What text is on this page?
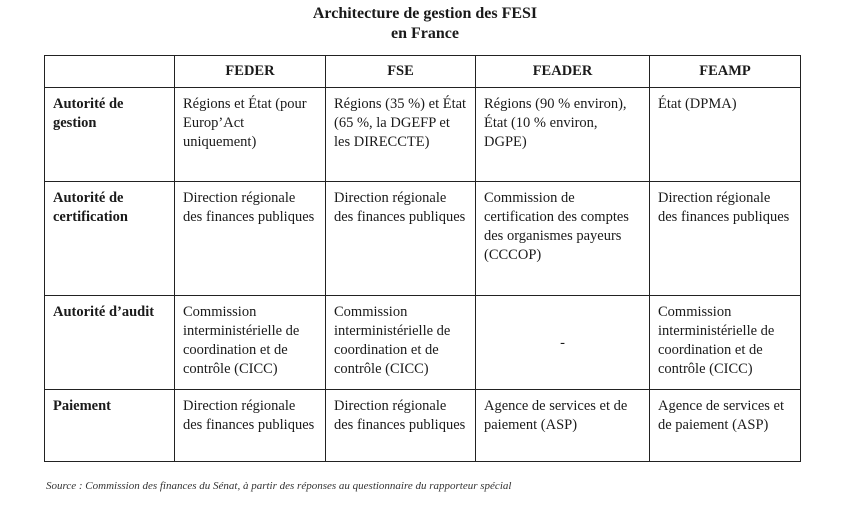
Architecture de gestion des FESI
en France
	FEDER	FSE	FEADER	FEAMP
Autorité de gestion	Régions et État (pour Europ’Act uniquement)	Régions (35 %) et État (65 %, la DGEFP et les DIRECCTE)	Régions (90 % environ), État (10 % environ, DGPE)	État (DPMA)
Autorité de certification	Direction régionale des finances publiques	Direction régionale des finances publiques	Commission de certification des comptes des organismes payeurs (CCCOP)	Direction régionale des finances publiques
Autorité d’audit	Commission interministérielle de coordination et de contrôle (CICC)	Commission interministérielle de coordination et de contrôle (CICC)	-	Commission interministérielle de coordination et de contrôle (CICC)
Paiement	Direction régionale des finances publiques	Direction régionale des finances publiques	Agence de services et de paiement (ASP)	Agence de services et de paiement (ASP)
Source : Commission des finances du Sénat, à partir des réponses au questionnaire du rapporteur spécial
